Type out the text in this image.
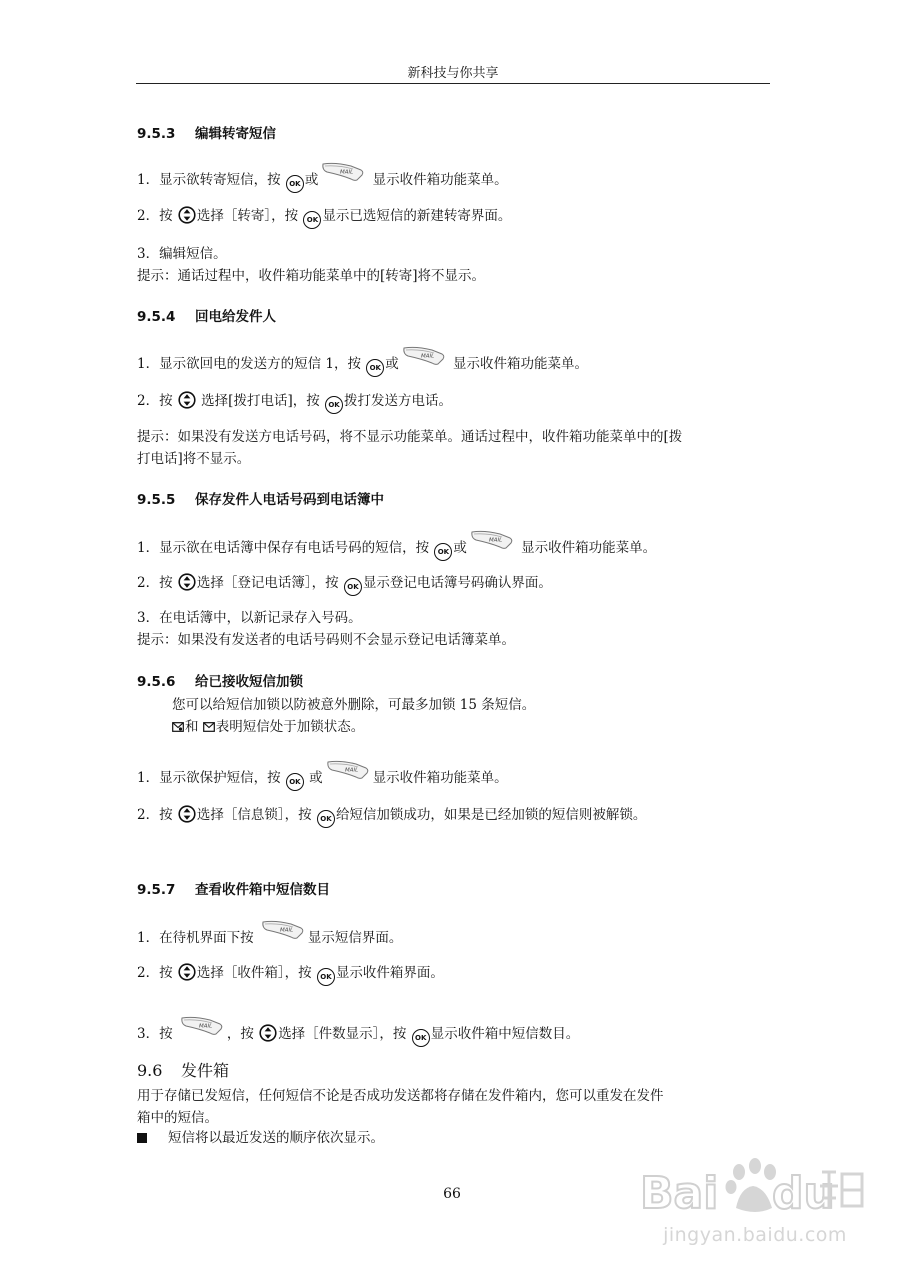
新科技与你共享
9.5.3 编辑转寄短信
1．显示欲转寄短信，按 OK 或	显示收件箱功能菜单。
2．按 选择［转寄］，按 OK 显示已选短信的新建转寄界面。
3．编辑短信。
提示：通话过程中，收件箱功能菜单中的[转寄]将不显示。
9.5.4 回电给发件人
1．显示欲回电的发送方的短信 1，按 OK 或	显示收件箱功能菜单。
2．按  选择[拨打电话]，按 OK 拨打发送方电话。
提示：如果没有发送方电话号码，将不显示功能菜单。通话过程中，收件箱功能菜单中的[拨
打电话]将不显示。
9.5.5 保存发件人电话号码到电话簿中
1．显示欲在电话簿中保存有电话号码的短信，按 OK 或	显示收件箱功能菜单。
2．按 选择［登记电话簿］，按 OK 显示登记电话簿号码确认界面。
3．在电话簿中，以新记录存入号码。
提示：如果没有发送者的电话号码则不会显示登记电话簿菜单。
9.5.6 给已接收短信加锁
您可以给短信加锁以防被意外删除，可最多加锁 15 条短信。
和 表明短信处于加锁状态。
1．显示欲保护短信，按 OK 或	显示收件箱功能菜单。
2．按 选择［信息锁］，按 OK 给短信加锁成功，如果是已经加锁的短信则被解锁。
9.5.7 查看收件箱中短信数目
1．在待机界面下按	显示短信界面。
2．按 选择［收件箱］，按 OK 显示收件箱界面。
3．按	，按 选择［件数显示］，按 OK 显示收件箱中短信数目。
9.6 发件箱
用于存储已发短信，任何短信不论是否成功发送都将存储在发件箱内，您可以重发在发件
箱中的短信。
短信将以最近发送的顺序依次显示。
66	Bai du
jingyan.baidu.com
